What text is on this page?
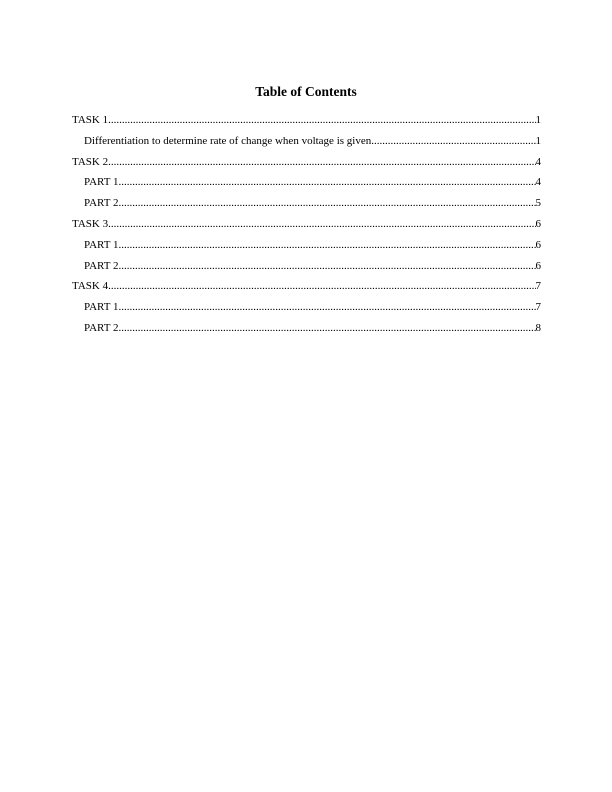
Table of Contents
TASK 1 .....	1
Differentiation to determine rate of change when voltage is given .....	1
TASK 2 .....	4
PART 1 .....	4
PART 2 .....	5
TASK 3 .....	6
PART 1 .....	6
PART 2 .....	6
TASK 4 .....	7
PART 1 .....	7
PART 2 .....	8
